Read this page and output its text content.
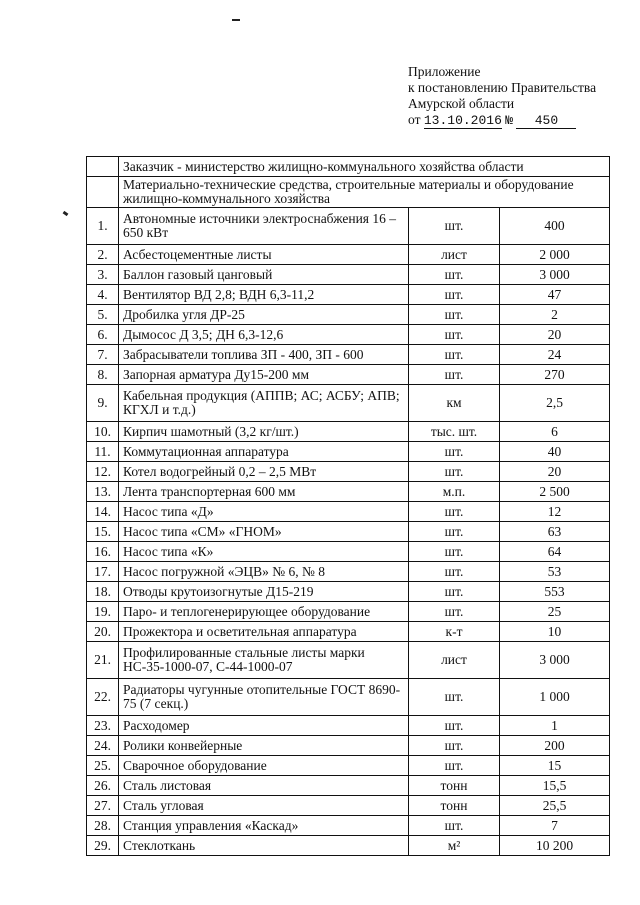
Приложение
к постановлению Правительства
Амурской области
от 13.10.2016 № 450
	Заказчик - министерство жилищно-коммунального хозяйства области		
	Материально-технические средства, строительные материалы и оборудование жилищно-коммунального хозяйства		
1.	Автономные источники электроснабжения 16 – 650 кВт	шт.	400
2.	Асбестоцементные листы	лист	2 000
3.	Баллон газовый цанговый	шт.	3 000
4.	Вентилятор ВД 2,8; ВДН 6,3-11,2	шт.	47
5.	Дробилка угля ДР-25	шт.	2
6.	Дымосос Д 3,5; ДН 6,3-12,6	шт.	20
7.	Забрасыватели топлива ЗП - 400, ЗП - 600	шт.	24
8.	Запорная арматура Ду15-200 мм	шт.	270
9.	Кабельная продукция (АППВ; АС; АСБУ; АПВ; КГХЛ и т.д.)	км	2,5
10.	Кирпич шамотный (3,2 кг/шт.)	тыс. шт.	6
11.	Коммутационная аппаратура	шт.	40
12.	Котел водогрейный 0,2 – 2,5 МВт	шт.	20
13.	Лента транспортерная 600 мм	м.п.	2 500
14.	Насос типа «Д»	шт.	12
15.	Насос типа «СМ» «ГНОМ»	шт.	63
16.	Насос типа «К»	шт.	64
17.	Насос погружной «ЭЦВ» № 6, № 8	шт.	53
18.	Отводы крутоизогнутые Д15-219	шт.	553
19.	Паро- и теплогенерирующее оборудование	шт.	25
20.	Прожектора и осветительная аппаратура	к-т	10
21.	Профилированные стальные листы марки НС-35-1000-07, С-44-1000-07	лист	3 000
22.	Радиаторы чугунные отопительные ГОСТ 8690-75 (7 секц.)	шт.	1 000
23.	Расходомер	шт.	1
24.	Ролики конвейерные	шт.	200
25.	Сварочное оборудование	шт.	15
26.	Сталь листовая	тонн	15,5
27.	Сталь угловая	тонн	25,5
28.	Станция управления «Каскад»	шт.	7
29.	Стеклоткань	м²	10 200
